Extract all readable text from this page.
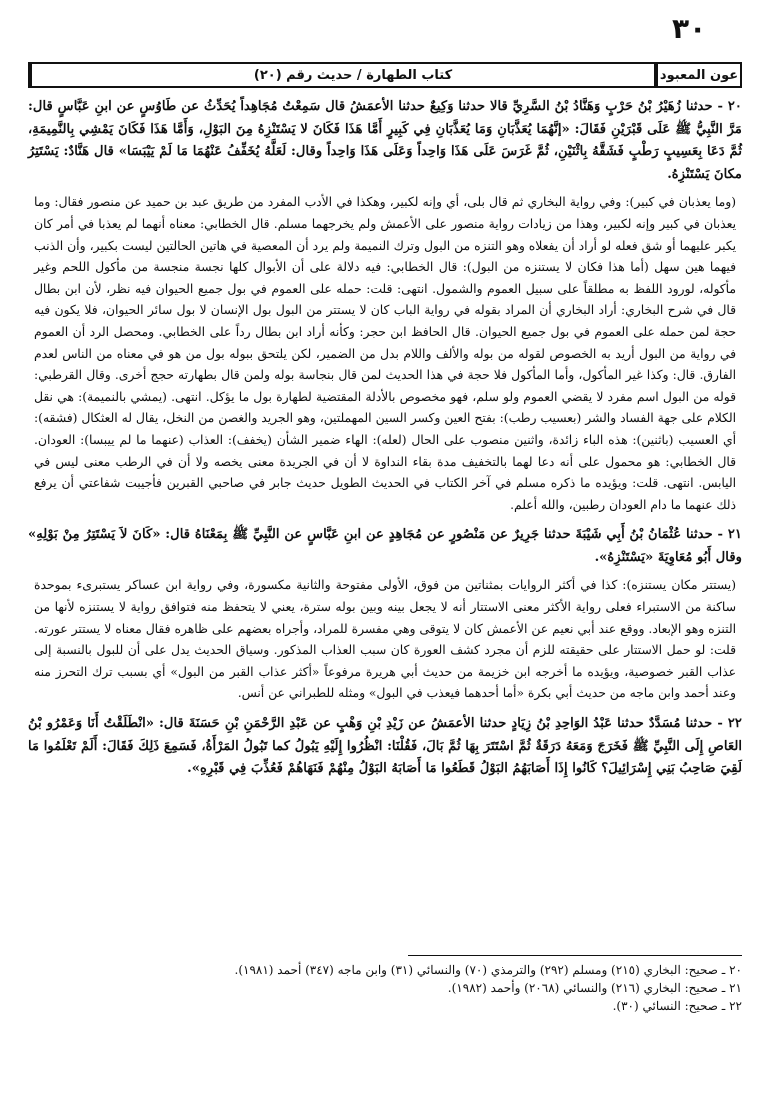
٣٠
عون المعبود
كتاب الطهارة / حديث رقم (٢٠)

٢٠ - حدثنا زُهَيْرُ بْنُ حَرْبٍ وَهَنَّادُ بْنُ السَّرِيِّ قالا حدثنا وَكِيعٌ حدثنا الأعمَشُ قال سَمِعْتُ مُجَاهِداً يُحَدِّثُ عن طَاوُسٍ عن ابنِ عَبَّاسٍ قال: مَرَّ النَّبِيُّ ﷺ عَلَى قَبْرَيْنِ فَقَالَ: «إنَّهُمَا يُعَذَّبَانِ وَمَا يُعَذَّبَانِ فِي كَبِيرٍ أَمَّا هَذَا فَكَانَ لا يَسْتَنْزِهُ مِنَ البَوْلِ، وَأَمَّا هَذَا فَكَانَ يَمْشِي بِالنَّمِيمَةِ، ثُمَّ دَعَا بِعَسِيبٍ رَطْبٍ فَشَقَّهُ بِاثْنَيْنِ، ثُمَّ غَرَسَ عَلَى هَذَا وَاحِداً وَعَلَى هَذَا وَاحِداً وقال: لَعَلَّهُ يُخَفِّفُ عَنْهُمَا مَا لَمْ يَيْبَسَا» قال هَنَّادٌ: يَسْتَتِرُ مكانَ يَسْتَنْزِهُ.

(وما يعذبان في كبير): وفي رواية البخاري ثم قال بلى، أي وإنه لكبير، وهكذا في الأدب المفرد من طريق عبد بن حميد عن منصور فقال: وما يعذبان في كبير وإنه لكبير، وهذا من زيادات رواية منصور على الأعمش ولم يخرجهما مسلم. قال الخطابي: معناه أنهما لم يعذبا في أمر كان يكبر عليهما أو شق فعله لو أراد أن يفعلاه وهو التنزه من البول وترك النميمة ولم يرد أن المعصية في هاتين الحالتين ليست بكبير، وأن الذنب فيهما هين سهل (أما هذا فكان لا يستنزه من البول): قال الخطابي: فيه دلالة على أن الأبوال كلها نجسة منجسة من مأكول اللحم وغير مأكوله، لورود اللفظ به مطلقاً على سبيل العموم والشمول. انتهى: قلت: حمله على العموم في بول جميع الحيوان فيه نظر، لأن ابن بطال قال في شرح البخاري: أراد البخاري أن المراد بقوله في رواية الباب كان لا يستتر من البول بول الإنسان لا بول سائر الحيوان، فلا يكون فيه حجة لمن حمله على العموم في بول جميع الحيوان. قال الحافظ ابن حجر: وكأنه أراد ابن بطال رداً على الخطابي. ومحصل الرد أن العموم في رواية من البول أريد به الخصوص لقوله من بوله والألف واللام بدل من الضمير، لكن يلتحق ببوله بول من هو في معناه من الناس لعدم الفارق. قال: وكذا غير المأكول، وأما المأكول فلا حجة في هذا الحديث لمن قال بنجاسة بوله ولمن قال بطهارته حجج أخرى. وقال القرطبي: قوله من البول اسم مفرد لا يقضي العموم ولو سلم، فهو مخصوص بالأدلة المقتضية لطهارة بول ما يؤكل. انتهى. (يمشي بالنميمة): هي نقل الكلام على جهة الفساد والشر (بعسيب رطب): بفتح العين وكسر السين المهملتين، وهو الجريد والغصن من النخل، يقال له العثكال (فشقه): أي العسيب (باثنين): هذه الباء زائدة، واثنين منصوب على الحال (لعله): الهاء ضمير الشأن (يخفف): العذاب (عنهما ما لم ييبسا): العودان. قال الخطابي: هو محمول على أنه دعا لهما بالتخفيف مدة بقاء النداوة لا أن في الجريدة معنى يخصه ولا أن في الرطب معنى ليس في اليابس. انتهى. قلت: ويؤيده ما ذكره مسلم في آخر الكتاب في الحديث الطويل حديث جابر في صاحبي القبرين فأجيبت شفاعتي أن يرفع ذلك عنهما ما دام العودان رطبين، والله أعلم.

٢١ - حدثنا عُثْمَانُ بْنُ أَبِي شَيْبَةَ حدثنا جَرِيرٌ عن مَنْصُورٍ عن مُجَاهِدٍ عن ابنِ عَبَّاسٍ عن النَّبِيِّ ﷺ بِمَعْنَاهُ قال: «كَانَ لاَ يَسْتَتِرُ مِنْ بَوْلِهِ» وقال أَبُو مُعَاوِيَةَ «يَسْتَنْزِهُ».

(يستتر مكان يستنزه): كذا في أكثر الروايات بمثناتين من فوق، الأولى مفتوحة والثانية مكسورة، وفي رواية ابن عساكر يستبرىء بموحدة ساكنة من الاستبراء فعلى رواية الأكثر معنى الاستتار أنه لا يجعل بينه وبين بوله سترة، يعني لا يتحفظ منه فتوافق رواية لا يستنزه لأنها من التنزه وهو الإبعاد. ووقع عند أبي نعيم عن الأعمش كان لا يتوقى وهي مفسرة للمراد، وأجراه بعضهم على ظاهره فقال معناه لا يستتر عورته. قلت: لو حمل الاستتار على حقيقته للزم أن مجرد كشف العورة كان سبب العذاب المذكور. وسياق الحديث يدل على أن للبول بالنسبة إلى عذاب القبر خصوصية، ويؤيده ما أخرجه ابن خزيمة من حديث أبي هريرة مرفوعاً «أكثر عذاب القبر من البول» أي بسبب ترك التحرز منه وعند أحمد وابن ماجه من حديث أبي بكرة «أما أحدهما فيعذب في البول» ومثله للطبراني عن أنس.

٢٢ - حدثنا مُسَدَّدٌ حدثنا عَبْدُ الوَاحِدِ بْنُ زِيَادٍ حدثنا الأعمَشُ عن زَيْدِ بْنِ وَهْبٍ عن عَبْدِ الرَّحْمَنِ بْنِ حَسَنَةَ قال: «انْطَلَقْتُ أَنَا وَعَمْرُو بْنُ العَاصِ إِلَى النَّبِيِّ ﷺ فَخَرَجَ وَمَعَهُ دَرَقَةٌ ثُمَّ اسْتَتَرَ بِهَا ثُمَّ بَالَ، فَقُلْنَا: انْظُرُوا إِلَيْهِ يَبُولُ كما تَبُولُ المَرْأَةُ، فَسَمِعَ ذَلِكَ فَقَالَ: أَلَمْ تَعْلَمُوا مَا لَقِيَ صَاحِبُ بَنِي إِسْرَائِيلَ؟ كَانُوا إِذَا أَصَابَهُمُ البَوْلُ قَطَعُوا مَا أَصَابَهُ البَوْلُ مِنْهُمْ فَنَهَاهُمْ فَعُذِّبَ فِي قَبْرِهِ».

٢٠ ـ صحيح: البخاري (٢١٥) ومسلم (٢٩٢) والترمذي (٧٠) والنسائي (٣١) وابن ماجه (٣٤٧) أحمد (١٩٨١).

٢١ ـ صحيح: البخاري (٢١٦) والنسائي (٢٠٦٨) وأحمد (١٩٨٢).

٢٢ ـ صحيح: النسائي (٣٠).
